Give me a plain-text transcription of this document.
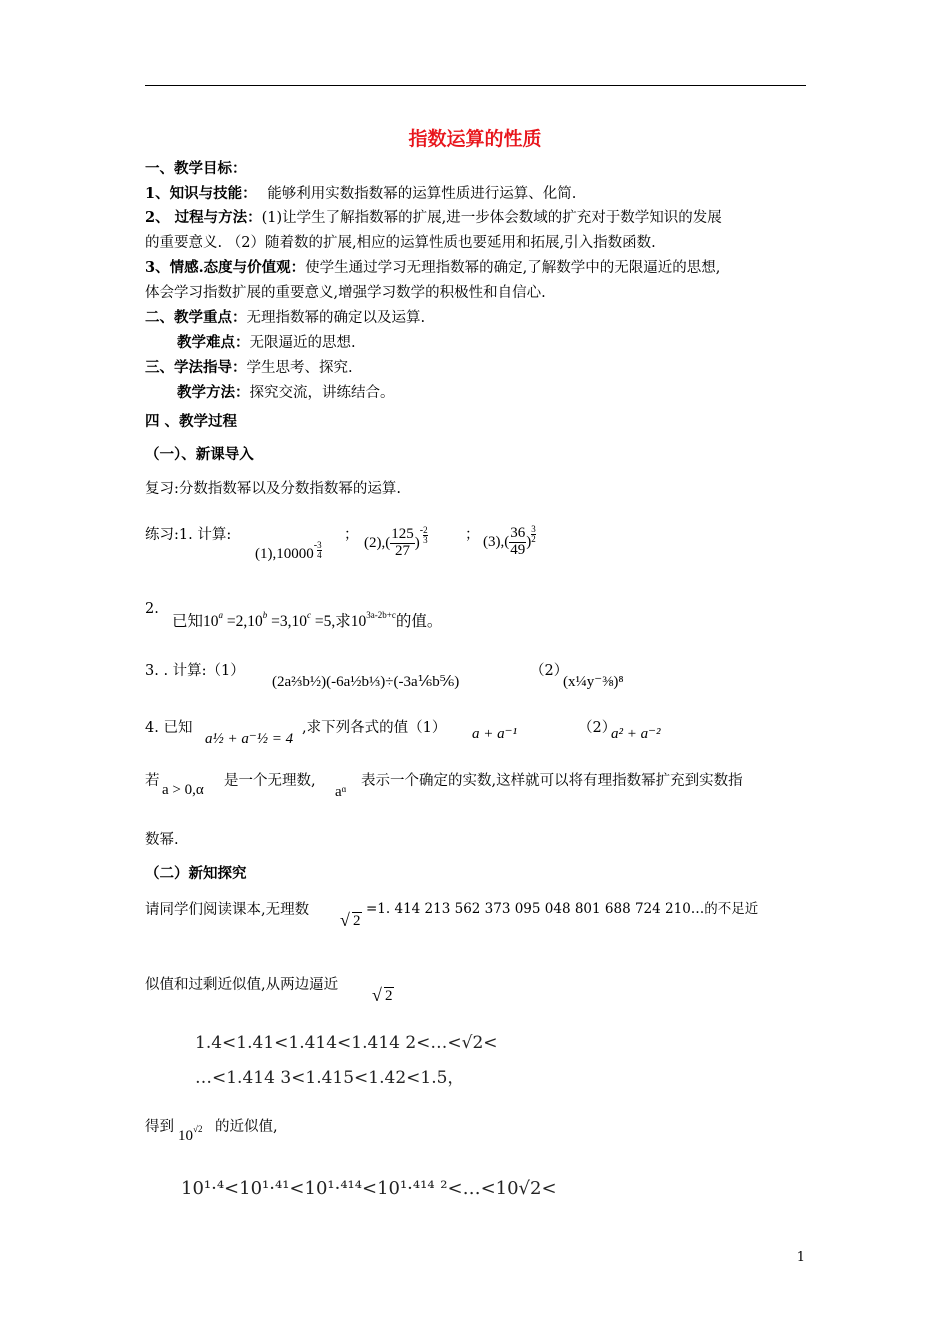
指数运算的性质
一、教学目标：
1、知识与技能： 能够利用实数指数幂的运算性质进行运算、化简.
2、 过程与方法：(1)让学生了解指数幂的扩展,进一步体会数域的扩充对于数学知识的发展
的重要意义. （2）随着数的扩展,相应的运算性质也要延用和拓展,引入指数函数.
3、情感.态度与价值观：使学生通过学习无理指数幂的确定,了解数学中的无限逼近的思想,
体会学习指数扩展的重要意义,增强学习数学的积极性和自信心.
二、教学重点：无理指数幂的确定以及运算.
教学难点：无限逼近的思想.
三、学法指导：学生思考、探究.
教学方法：探究交流，讲练结合。
四 、教学过程
（一）、新课导入
复习:分数指数幂以及分数指数幂的运算.
练习:1. 计算:
$(1),10000^- \frac{3}{4}$
；
$(2),( \frac{125}{27} )^- \frac{2}{3}$	； $(3),( \frac{36}{49}$ ) $\frac{3}{2}$
2.
已知$10^a =2,10^b =3,10^c =5$,求$10^{3a-2b+c}$的值。
3. . 计算:（1）
(2a⅔b½)(-6a½b⅓)÷(-3a⅙b⅚)
（2）
(x¼y⁻⅜)⁸
4. 已知
a½ + a⁻½ = 4
,求下列各式的值（1） a + a⁻¹	（2）
a² + a⁻²
若
a > 0,α
是一个无理数,
aᵅ
表示一个确定的实数,这样就可以将有理指数幂扩充到实数指
数幂.
（二）新知探究
请同学们阅读课本,无理数
√ 2
=1. 414 213 562 373 095 048 801 688 724 210…的不足近
似值和过剩近似值,从两边逼近
√ 2
1.4<1.41<1.414<1.414 2<…<√2<
…<1.414 3<1.415<1.42<1.5，
得到
$10^{√2}$ 的近似值,
10¹·⁴<10¹·⁴¹<10¹·⁴¹⁴<10¹·⁴¹⁴ ²<…<10√2<
1
